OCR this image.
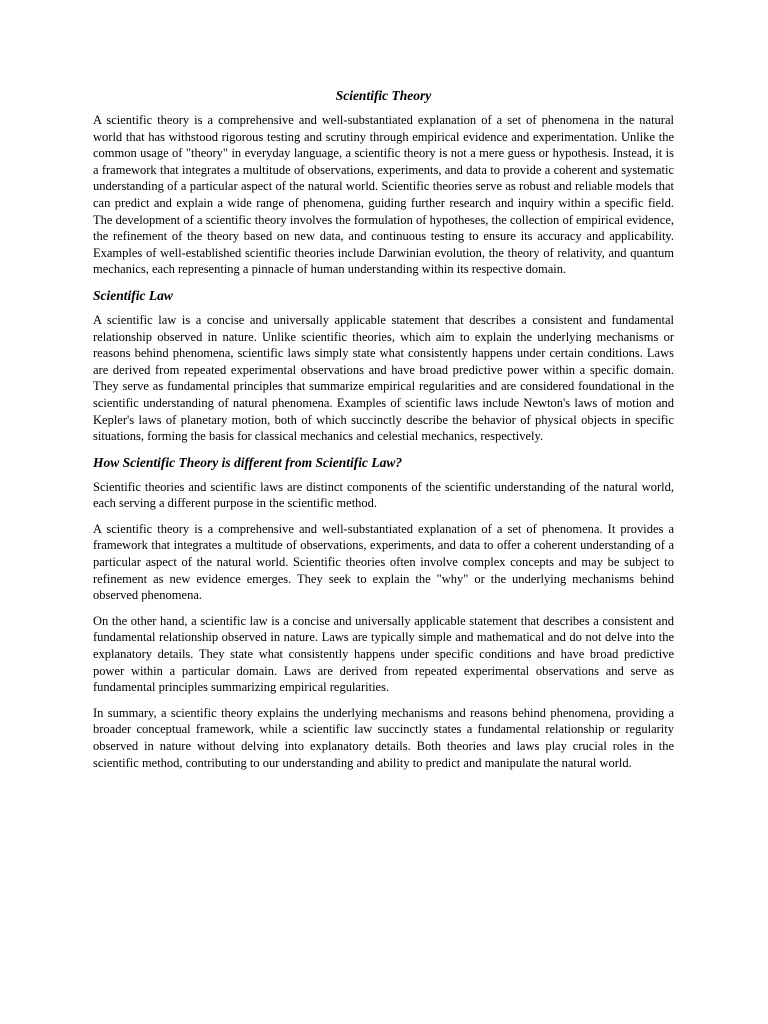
Scientific Theory

A scientific theory is a comprehensive and well-substantiated explanation of a set of phenomena in the natural world that has withstood rigorous testing and scrutiny through empirical evidence and experimentation. Unlike the common usage of "theory" in everyday language, a scientific theory is not a mere guess or hypothesis. Instead, it is a framework that integrates a multitude of observations, experiments, and data to provide a coherent and systematic understanding of a particular aspect of the natural world. Scientific theories serve as robust and reliable models that can predict and explain a wide range of phenomena, guiding further research and inquiry within a specific field. The development of a scientific theory involves the formulation of hypotheses, the collection of empirical evidence, the refinement of the theory based on new data, and continuous testing to ensure its accuracy and applicability. Examples of well-established scientific theories include Darwinian evolution, the theory of relativity, and quantum mechanics, each representing a pinnacle of human understanding within its respective domain.

Scientific Law

A scientific law is a concise and universally applicable statement that describes a consistent and fundamental relationship observed in nature. Unlike scientific theories, which aim to explain the underlying mechanisms or reasons behind phenomena, scientific laws simply state what consistently happens under certain conditions. Laws are derived from repeated experimental observations and have broad predictive power within a specific domain. They serve as fundamental principles that summarize empirical regularities and are considered foundational in the scientific understanding of natural phenomena. Examples of scientific laws include Newton's laws of motion and Kepler's laws of planetary motion, both of which succinctly describe the behavior of physical objects in specific situations, forming the basis for classical mechanics and celestial mechanics, respectively.

How Scientific Theory is different from Scientific Law?

Scientific theories and scientific laws are distinct components of the scientific understanding of the natural world, each serving a different purpose in the scientific method.

A scientific theory is a comprehensive and well-substantiated explanation of a set of phenomena. It provides a framework that integrates a multitude of observations, experiments, and data to offer a coherent understanding of a particular aspect of the natural world. Scientific theories often involve complex concepts and may be subject to refinement as new evidence emerges. They seek to explain the "why" or the underlying mechanisms behind observed phenomena.

On the other hand, a scientific law is a concise and universally applicable statement that describes a consistent and fundamental relationship observed in nature. Laws are typically simple and mathematical and do not delve into the explanatory details. They state what consistently happens under specific conditions and have broad predictive power within a particular domain. Laws are derived from repeated experimental observations and serve as fundamental principles summarizing empirical regularities.

In summary, a scientific theory explains the underlying mechanisms and reasons behind phenomena, providing a broader conceptual framework, while a scientific law succinctly states a fundamental relationship or regularity observed in nature without delving into explanatory details. Both theories and laws play crucial roles in the scientific method, contributing to our understanding and ability to predict and manipulate the natural world.
